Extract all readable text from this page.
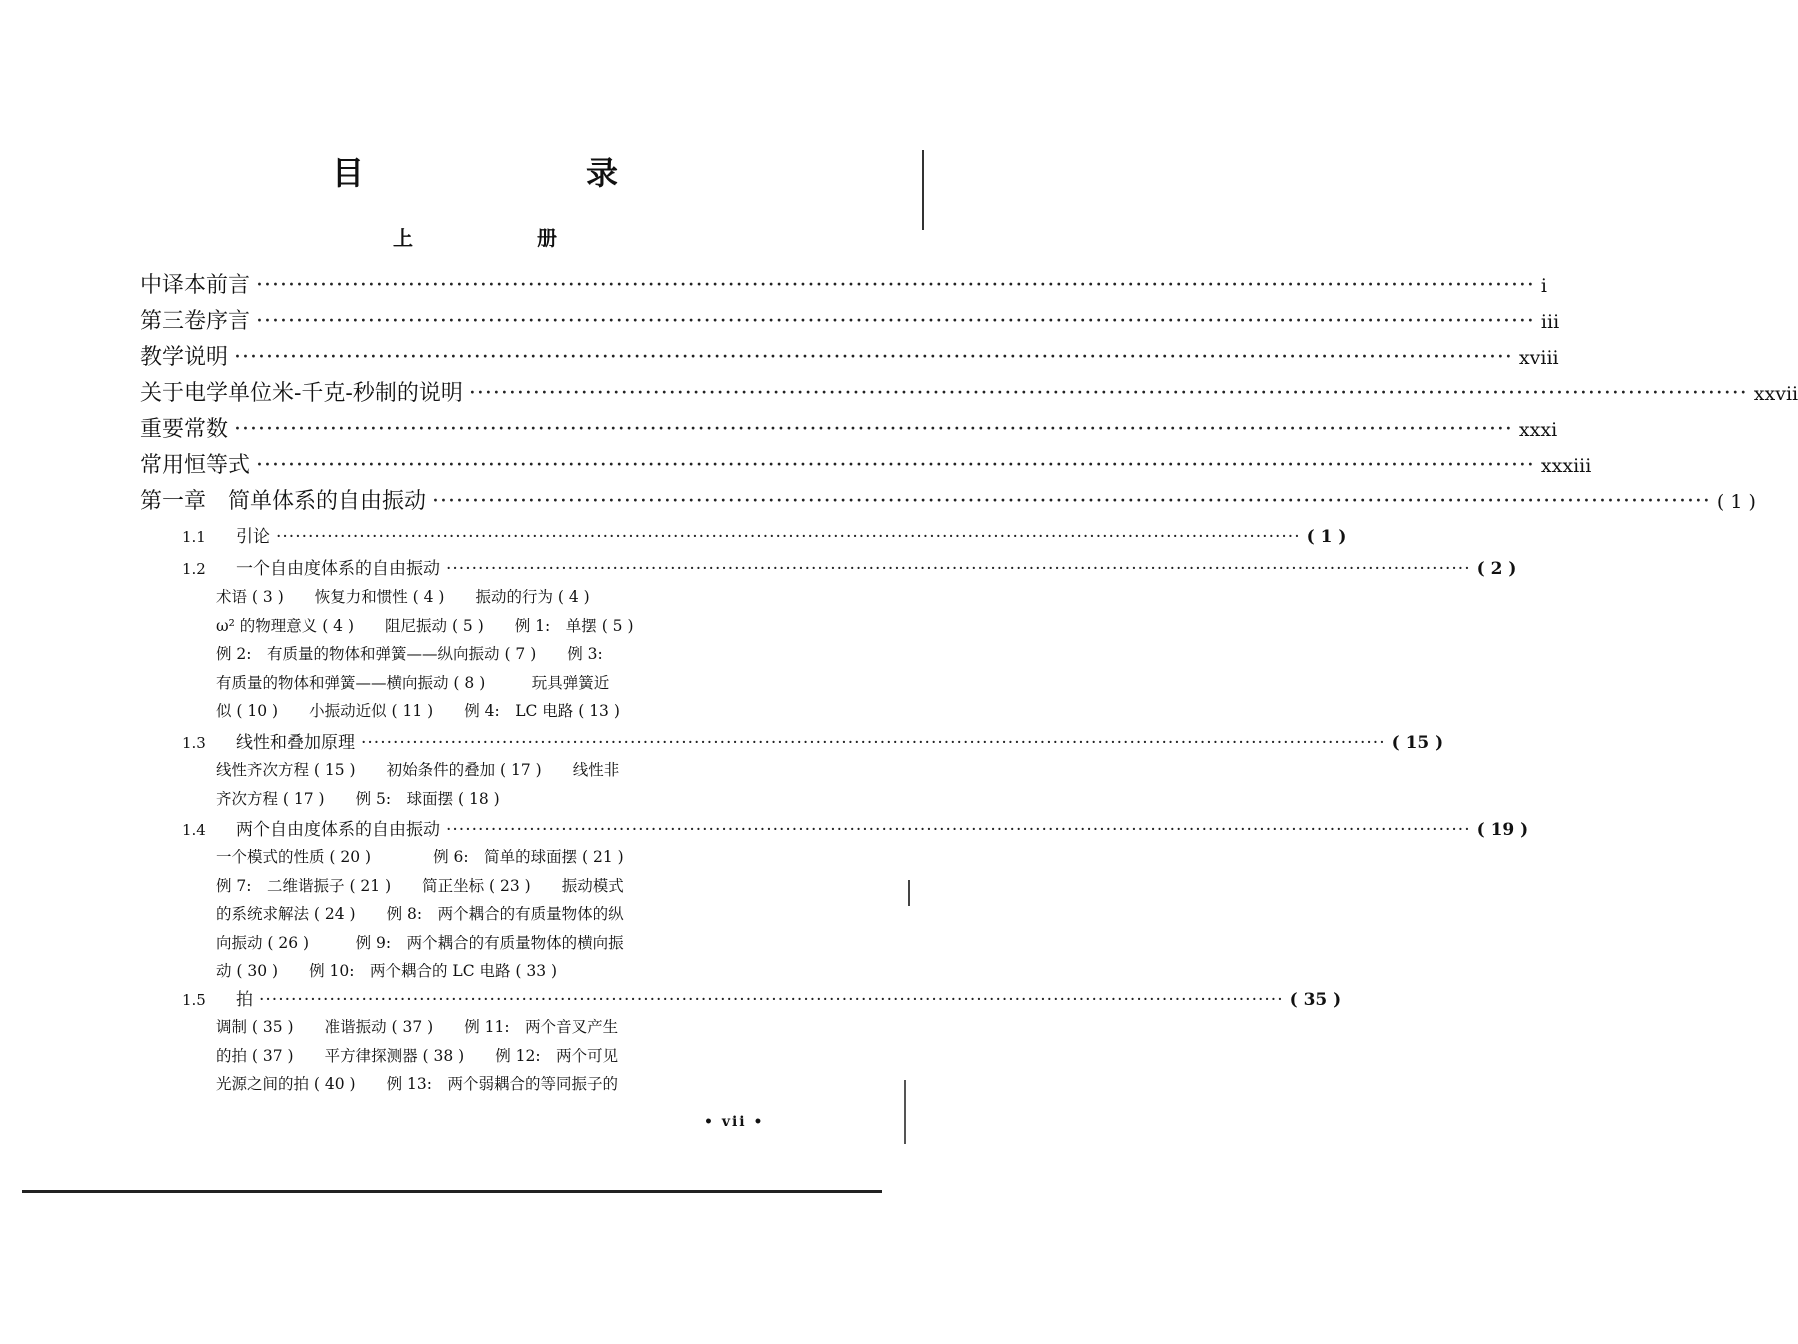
目　录
上　册
中译本前言 ································································································································································ i
第三卷序言 ································································································································································ iii
教学说明 ································································································································································ xviii
关于电学单位米-千克-秒制的说明 ································································································································································ xxvii
重要常数 ································································································································································ xxxi
常用恒等式 ································································································································································ xxxiii
第一章　简单体系的自由振动 ································································································································································ ( 1 )
1.1 引论 ································································································································································ ( 1 )
1.2 一个自由度体系的自由振动 ································································································································································ ( 2 )
术语 ( 3 )　　恢复力和惯性 ( 4 )　　振动的行为 ( 4 )
ω² 的物理意义 ( 4 )　　阻尼振动 ( 5 )　　例 1:　单摆 ( 5 )
例 2:　有质量的物体和弹簧——纵向振动 ( 7 )　　例 3:
有质量的物体和弹簧——横向振动 ( 8 )　　　玩具弹簧近
似 ( 10 )　　小振动近似 ( 11 )　　例 4:　LC 电路 ( 13 )
1.3 线性和叠加原理 ································································································································································ ( 15 )
线性齐次方程 ( 15 )　　初始条件的叠加 ( 17 )　　线性非
齐次方程 ( 17 )　　例 5:　球面摆 ( 18 )
1.4 两个自由度体系的自由振动 ································································································································································ ( 19 )
一个模式的性质 ( 20 )　　　　例 6:　简单的球面摆 ( 21 )
例 7:　二维谐振子 ( 21 )　　简正坐标 ( 23 )　　振动模式
的系统求解法 ( 24 )　　例 8:　两个耦合的有质量物体的纵
向振动 ( 26 )　　　例 9:　两个耦合的有质量物体的横向振
动 ( 30 )　　例 10:　两个耦合的 LC 电路 ( 33 )
1.5 拍 ································································································································································ ( 35 )
调制 ( 35 )　　准谐振动 ( 37 )　　例 11:　两个音叉产生
的拍 ( 37 )　　平方律探测器 ( 38 )　　例 12:　两个可见
光源之间的拍 ( 40 )　　例 13:　两个弱耦合的等同振子的
• vii •
